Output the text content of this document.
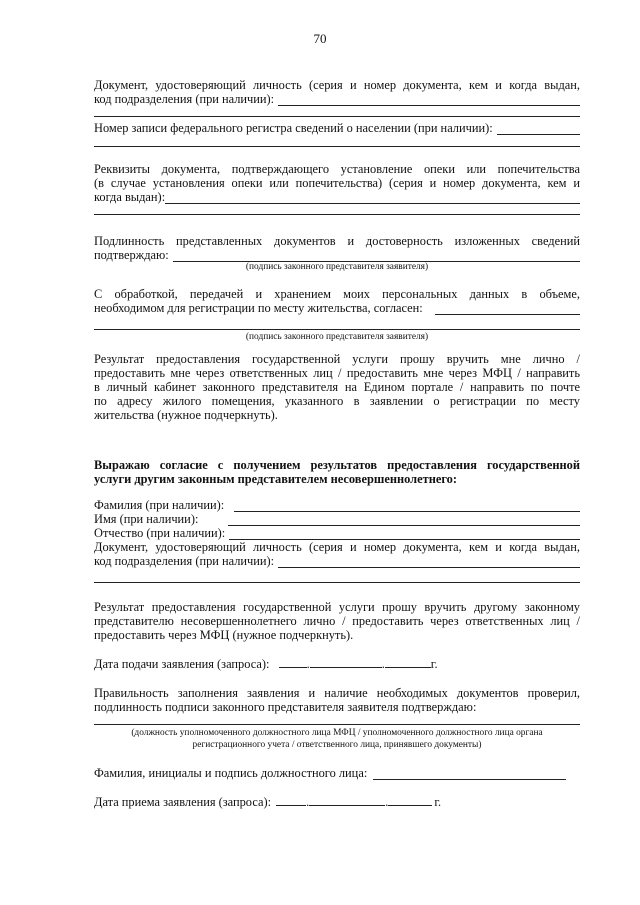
70
Документ, удостоверяющий личность (серия и номер документа, кем и когда выдан,
код подразделения (при наличии):
Номер записи федерального регистра сведений о населении (при наличии):
Реквизиты документа, подтверждающего установление опеки или попечительства
(в случае установления опеки или попечительства) (серия и номер документа, кем и
когда выдан):
Подлинность представленных документов и достоверность изложенных сведений
подтверждаю:
(подпись законного представителя заявителя)
С обработкой, передачей и хранением моих персональных данных в объеме,
необходимом для регистрации по месту жительства, согласен:
(подпись законного представителя заявителя)
Результат предоставления государственной услуги прошу вручить мне лично /
предоставить мне через ответственных лиц / предоставить мне через МФЦ / направить
в личный кабинет законного представителя на Едином портале / направить по почте
по адресу жилого помещения, указанного в заявлении о регистрации по месту
жительства (нужное подчеркнуть).
Выражаю согласие с получением результатов предоставления государственной
услуги другим законным представителем несовершеннолетнего:
Фамилия (при наличии):
Имя (при наличии):
Отчество (при наличии):
Документ, удостоверяющий личность (серия и номер документа, кем и когда выдан,
код подразделения (при наличии):
Результат предоставления государственной услуги прошу вручить другому законному
представителю несовершеннолетнего лично / предоставить через ответственных лиц /
предоставить через МФЦ (нужное подчеркнуть).
Дата подачи заявления (запроса):	.	.	г.
Правильность заполнения заявления и наличие необходимых документов проверил,
подлинность подписи законного представителя заявителя подтверждаю:
(должность уполномоченного должностного лица МФЦ / уполномоченного должностного лица органа
регистрационного учета / ответственного лица, принявшего документы)
Фамилия, инициалы и подпись должностного лица:
Дата приема заявления (запроса):	.	.	г.
